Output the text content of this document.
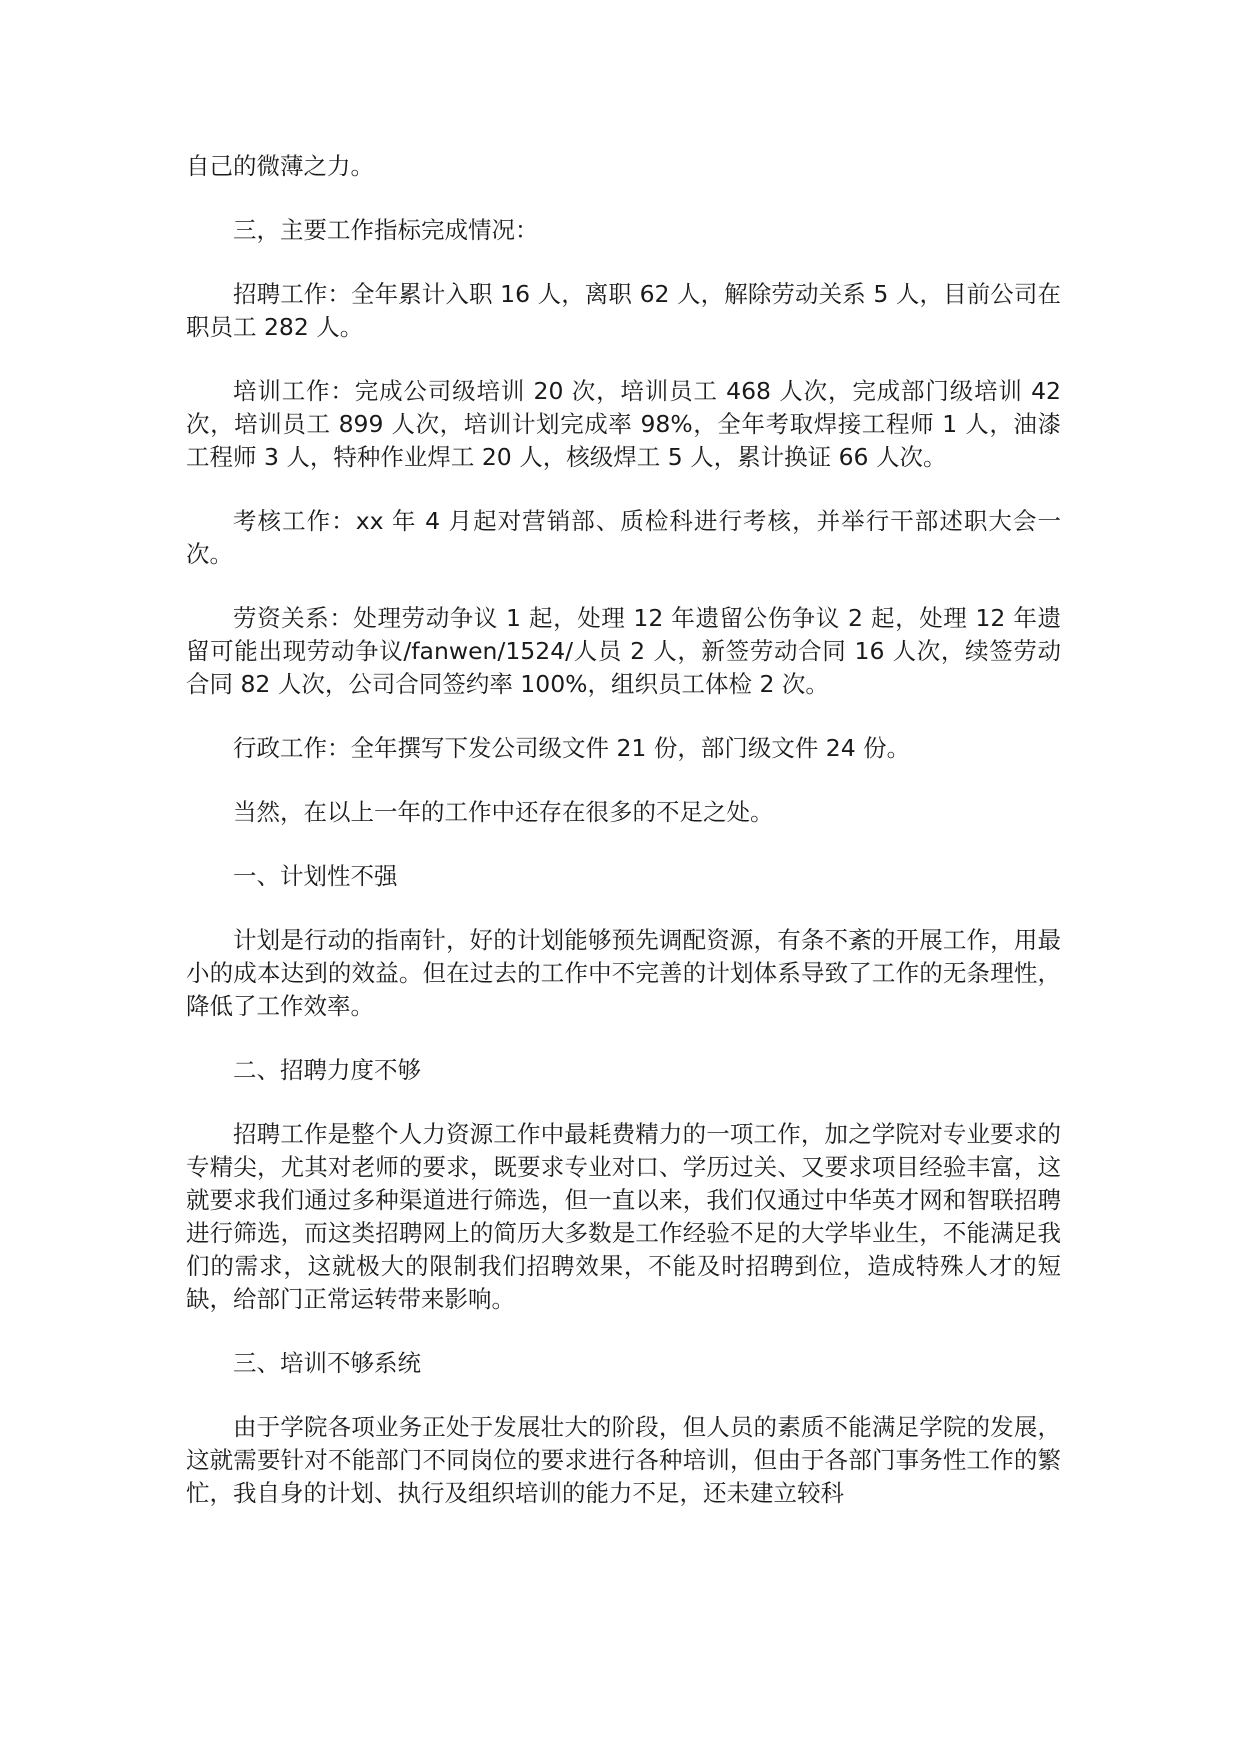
自己的微薄之力。

三，主要工作指标完成情况：

招聘工作：全年累计入职 16 人，离职 62 人，解除劳动关系 5 人，目前公司在职员工 282 人。

培训工作：完成公司级培训 20 次，培训员工 468 人次，完成部门级培训 42 次，培训员工 899 人次，培训计划完成率 98%，全年考取焊接工程师 1 人，油漆工程师 3 人，特种作业焊工 20 人，核级焊工 5 人，累计换证 66 人次。

考核工作：xx 年 4 月起对营销部、质检科进行考核，并举行干部述职大会一次。

劳资关系：处理劳动争议 1 起，处理 12 年遗留公伤争议 2 起，处理 12 年遗留可能出现劳动争议/fanwen/1524/人员 2 人，新签劳动合同 16 人次，续签劳动合同 82 人次，公司合同签约率 100%，组织员工体检 2 次。

行政工作：全年撰写下发公司级文件 21 份，部门级文件 24 份。

当然，在以上一年的工作中还存在很多的不足之处。

一、计划性不强

计划是行动的指南针，好的计划能够预先调配资源，有条不紊的开展工作，用最小的成本达到的效益。但在过去的工作中不完善的计划体系导致了工作的无条理性，降低了工作效率。

二、招聘力度不够

招聘工作是整个人力资源工作中最耗费精力的一项工作，加之学院对专业要求的专精尖，尤其对老师的要求，既要求专业对口、学历过关、又要求项目经验丰富，这就要求我们通过多种渠道进行筛选，但一直以来，我们仅通过中华英才网和智联招聘进行筛选，而这类招聘网上的简历大多数是工作经验不足的大学毕业生，不能满足我们的需求，这就极大的限制我们招聘效果，不能及时招聘到位，造成特殊人才的短缺，给部门正常运转带来影响。

三、培训不够系统

由于学院各项业务正处于发展壮大的阶段，但人员的素质不能满足学院的发展，这就需要针对不能部门不同岗位的要求进行各种培训，但由于各部门事务性工作的繁忙，我自身的计划、执行及组织培训的能力不足，还未建立较科
